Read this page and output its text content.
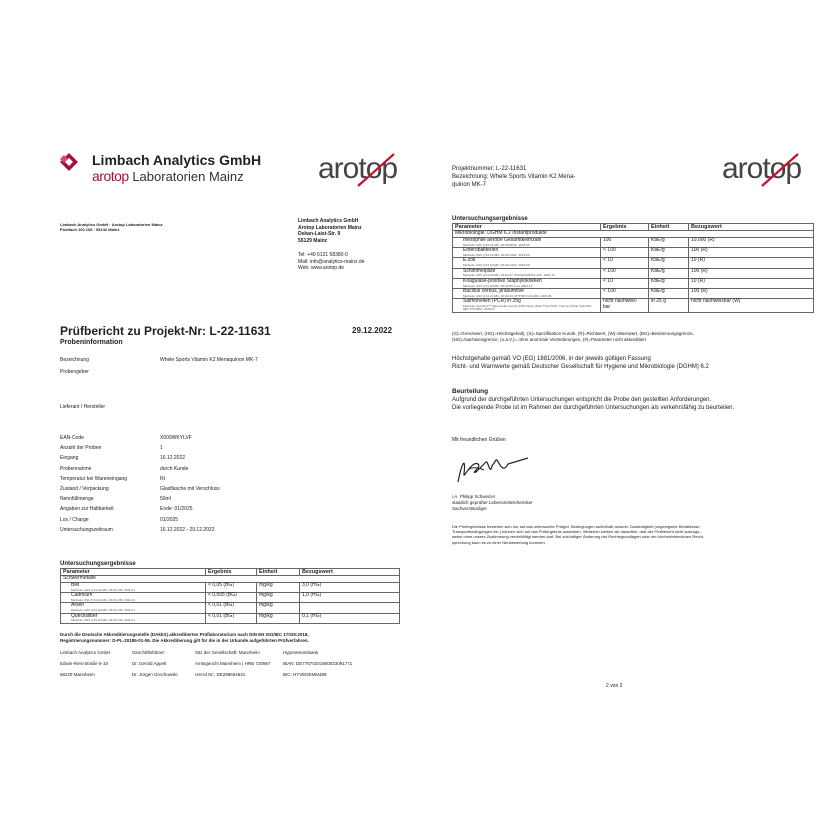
Limbach Analytics GmbH
arotop Laboratorien Mainz arotop
Limbach Analytics GmbH · Arotop Laboratorien Mainz
Postfach 100 108 · 55132 Mainz
Limbach Analytics GmbH
Arotop Laboratorien Mainz
Dekan-Laist-Str. 9
55129 Mainz
Tel: +49 6131 58380-0
Mail: info@analytics-mainz.de
Web: www.arotop.de
Prüfbericht zu Projekt-Nr: L-22-11631	29.12.2022
Probeninformation
Bezeichnung	Whele Sports Vitamin K2 Menaquinon MK-7
Probengeber
Lieferant / Hersteller
EAN-Code	X000WKYLVF
Anzahl der Proben	1
Eingang	16.12.2022
Probennahme	durch Kunde
Temperatur bei Wareneingang	Rt
Zustand / Verpackung	Glasflasche mit Verschluss
Nennfüllmenge	50ml
Angaben zur Haltbarkeit	Ende: 01/2025
Los / Charge	01/2025
Untersuchungszeitraum	16.12.2022 - 29.12.2022
Untersuchungsergebnisse
Parameter	Ergebnis	Einheit	Bezugswert
Schwermetalle			
Blei
Methode: ASU § 64 LFGB L 00.00-135, 2011-01	< 0,05 (BG)	mg/kg	3,0 (HG)
Cadmium
Methode: ASU § 64 LFGB L 00.00-135, 2011-01	< 0,005 (BG)	mg/kg	1,0 (HG)
Arsen
Methode: ASU § 64 LFGB L 00.00-135, 2011-01	< 0,01 (BG)	mg/kg	
Quecksilber
Methode: ASU § 64 LFGB L 00.00-135, 2011-01	< 0,01 (BG)	mg/kg	0,1 (HG)
Durch die Deutsche Akkreditierungsstelle (DAkkS) akkreditiertes Prüflaboratorium nach DIN EN ISO/IEC 17025:2018,
Registrierungsnummer: D-PL-20185-01-06. Die Akkreditierung gilt für die in der Urkunde aufgeführten Prüfverfahren.
Limbach Analytics GmbH
Edwin-Reis-Straße 6-10
68229 Mannheim
Geschäftsführer:
Dr. Gerold Appelt
Dr. Jürgen Grochowski
Sitz der Gesellschaft: Mannheim
Amtsgericht Mannheim | HRB 720967
Ust-Id Nr.: DE298564631
HypoVereinsbank
IBAN: DE77670201900023091771
BIC: HYVEDEMM489
Projektnummer: L-22-11631
Bezeichnung: Whele Sports Vitamin K2 Mena-
quinon MK-7	arotop
Untersuchungsergebnisse
Parameter	Ergebnis	Einheit	Bezugswert
Mikrobiologie: DGHM 6.2 Instantprodukte			
mesophile aerobe Gesamtkeimzahl
Methode: ASU § 64 LFGB L 00.00-88/10, 2015-06	100	KbE/g	10.000 (R)
Enterobakterien
Methode: ASU § 64 LFGB L 00.00-133/2, 2019-09	< 100	KbE/g	100 (R)
E.coli
Methode: ASU § 64 LFGB L 00.00-132/2, 2019-09	< 10	KbE/g	10 (R)
Schimmelpilze
Methode: ASU § 64 LFGB L 00.00-37 VGC/2012/2013-12/b, 1991-12	< 100	KbE/g	100 (R)
Koagulase-positive Staphylokokken
Methode: ASU § 64 LFGB L 00.00-55 mod. 2004-12	< 10	KbE/g	10 (R)
Bacillus cereus, präsumtive
Methode: ASU § 64 LFGB L 00.00-33, MYP/30°C/24-48h, 2006-09	< 100	KbE/g	100 (R)
Salmonellen (PCR) in 25g
Methode: SureTect™ Salmonella species PCR Assay (Real Time PCR), Thermo Fisher Scientific REF PT0100A, 2020-07	nicht nachweis- bar	in 25 g	nicht nachweisbar (W)
(G)=Grenzwert, (HG)=Höchstgehalt), (S)=Spezifikation Kunde, (R)=Richtwert, (W)=Warnwert, (BG)=Bestimmungsgrenze,
(NG)=Nachweisgrenze, (o.a.V.)= ohne anormale Veränderungen, (#)=Parameter nicht akkreditiert
Höchstgehalte gemäß VO (EG) 1881/2006, in der jeweils gültigen Fassung
Richt- und Warnwerte gemäß Deutscher Gesellschaft für Hygiene und Mikrobiologie (DGHM) 6.2
Beurteilung
Aufgrund der durchgeführten Untersuchungen entspricht die Probe den gestellten Anforderungen.
Die vorliegende Probe ist im Rahmen der durchgeführten Untersuchungen als verkehrsfähig zu beurteilen.
Mit freundlichen Grüßen
i.A. Philipp Schweizer
staatlich geprüfter Lebensmittelchemiker
Sachverständiger
Die Prüfergebnisse beziehen sich nur auf das untersuchte Prüfgut. Bedingungen außerhalb unserer Zuständigkeit (ungeeignete Behältnisse,
Transportbedingungen etc.) können sich auf das Prüfergebnis auswirken. Weiterhin weisen wir daraufhin, daß der Prüfbericht nicht auszugs-
weise ohne unsere Zustimmung vervielfältigt werden darf. Bei zukünftiger Änderung der Rechtsgrundlagen oder der höchstrichterlichen Recht-
sprechung kann es zu einer Neubewertung kommen.
2 von 3
